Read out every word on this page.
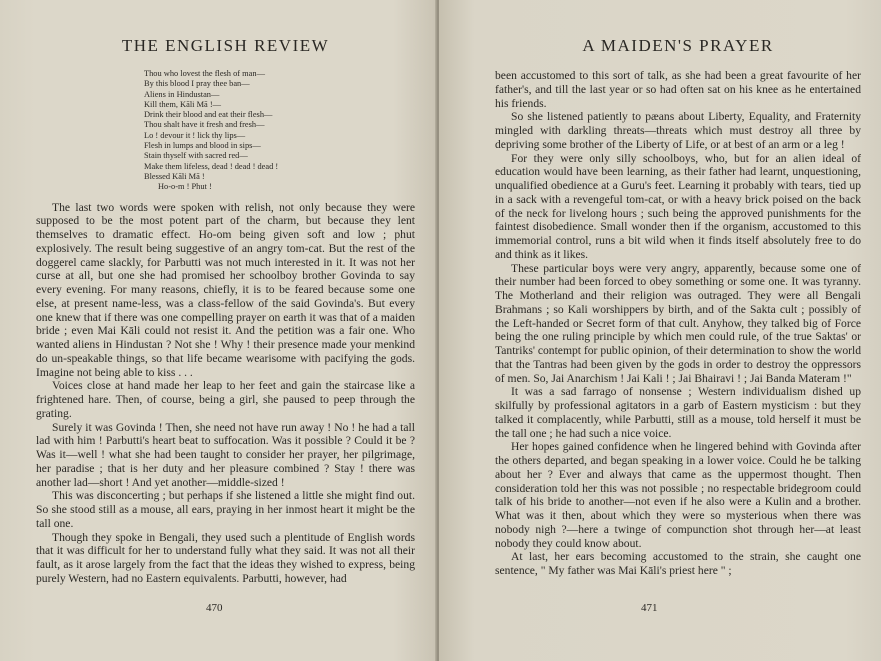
THE ENGLISH REVIEW
Thou who lovest the flesh of man—
By this blood I pray thee ban—
Aliens in Hindustan—
Kill them, Kāli Mā !—
Drink their blood and eat their flesh—
Thou shalt have it fresh and fresh—
Lo ! devour it ! lick thy lips—
Flesh in lumps and blood in sips—
Stain thyself with sacred red—
Make them lifeless, dead ! dead ! dead !
Blessed Kāli Mā !
Ho-o-m ! Phut !

The last two words were spoken with relish, not only because they were supposed to be the most potent part of the charm, but because they lent themselves to dramatic effect. Ho-om being given soft and low ; phut explosively. The result being suggestive of an angry tom-cat. But the rest of the doggerel came slackly, for Parbutti was not much interested in it. It was not her curse at all, but one she had promised her schoolboy brother Govinda to say every evening. For many reasons, chiefly, it is to be feared because some one else, at present name-less, was a class-fellow of the said Govinda's. But every one knew that if there was one compelling prayer on earth it was that of a maiden bride ; even Mai Kāli could not resist it. And the petition was a fair one. Who wanted aliens in Hindustan ? Not she ! Why ! their presence made your menkind do un-speakable things, so that life became wearisome with pacifying the gods. Imagine not being able to kiss . . .

Voices close at hand made her leap to her feet and gain the staircase like a frightened hare. Then, of course, being a girl, she paused to peep through the grating.

Surely it was Govinda ! Then, she need not have run away ! No ! he had a tall lad with him ! Parbutti's heart beat to suffocation. Was it possible ? Could it be ? Was it—well ! what she had been taught to consider her prayer, her pilgrimage, her paradise ; that is her duty and her pleasure combined ? Stay ! there was another lad—short ! And yet another—middle-sized !

This was disconcerting ; but perhaps if she listened a little she might find out. So she stood still as a mouse, all ears, praying in her inmost heart it might be the tall one.

Though they spoke in Bengali, they used such a plentitude of English words that it was difficult for her to understand fully what they said. It was not all their fault, as it arose largely from the fact that the ideas they wished to express, being purely Western, had no Eastern equivalents. Parbutti, however, had

470
A MAIDEN'S PRAYER

been accustomed to this sort of talk, as she had been a great favourite of her father's, and till the last year or so had often sat on his knee as he entertained his friends.

So she listened patiently to pæans about Liberty, Equality, and Fraternity mingled with darkling threats—threats which must destroy all three by depriving some brother of the Liberty of Life, or at best of an arm or a leg !

For they were only silly schoolboys, who, but for an alien ideal of education would have been learning, as their father had learnt, unquestioning, unqualified obedience at a Guru's feet. Learning it probably with tears, tied up in a sack with a revengeful tom-cat, or with a heavy brick poised on the back of the neck for livelong hours ; such being the approved punishments for the faintest disobedience. Small wonder then if the organism, accustomed to this immemorial control, runs a bit wild when it finds itself absolutely free to do and think as it likes.

These particular boys were very angry, apparently, because some one of their number had been forced to obey something or some one. It was tyranny. The Motherland and their religion was outraged. They were all Bengali Brahmans ; so Kali worshippers by birth, and of the Sakta cult ; possibly of the Left-handed or Secret form of that cult. Anyhow, they talked big of Force being the one ruling principle by which men could rule, of the true Saktas' or Tantriks' contempt for public opinion, of their determination to show the world that the Tantras had been given by the gods in order to destroy the oppressors of men. So, Jai Anarchism ! Jai Kali ! ; Jai Bhairavi ! ; Jai Banda Materam !"

It was a sad farrago of nonsense ; Western individualism dished up skilfully by professional agitators in a garb of Eastern mysticism : but they talked it complacently, while Parbutti, still as a mouse, told herself it must be the tall one ; he had such a nice voice.

Her hopes gained confidence when he lingered behind with Govinda after the others departed, and began speaking in a lower voice. Could he be talking about her ? Ever and always that came as the uppermost thought. Then consideration told her this was not possible ; no respectable bridegroom could talk of his bride to another—not even if he also were a Kulin and a brother. What was it then, about which they were so mysterious when there was nobody nigh ?—here a twinge of compunction shot through her—at least nobody they could know about.

At last, her ears becoming accustomed to the strain, she caught one sentence, " My father was Mai Kāli's priest here " ;

471
